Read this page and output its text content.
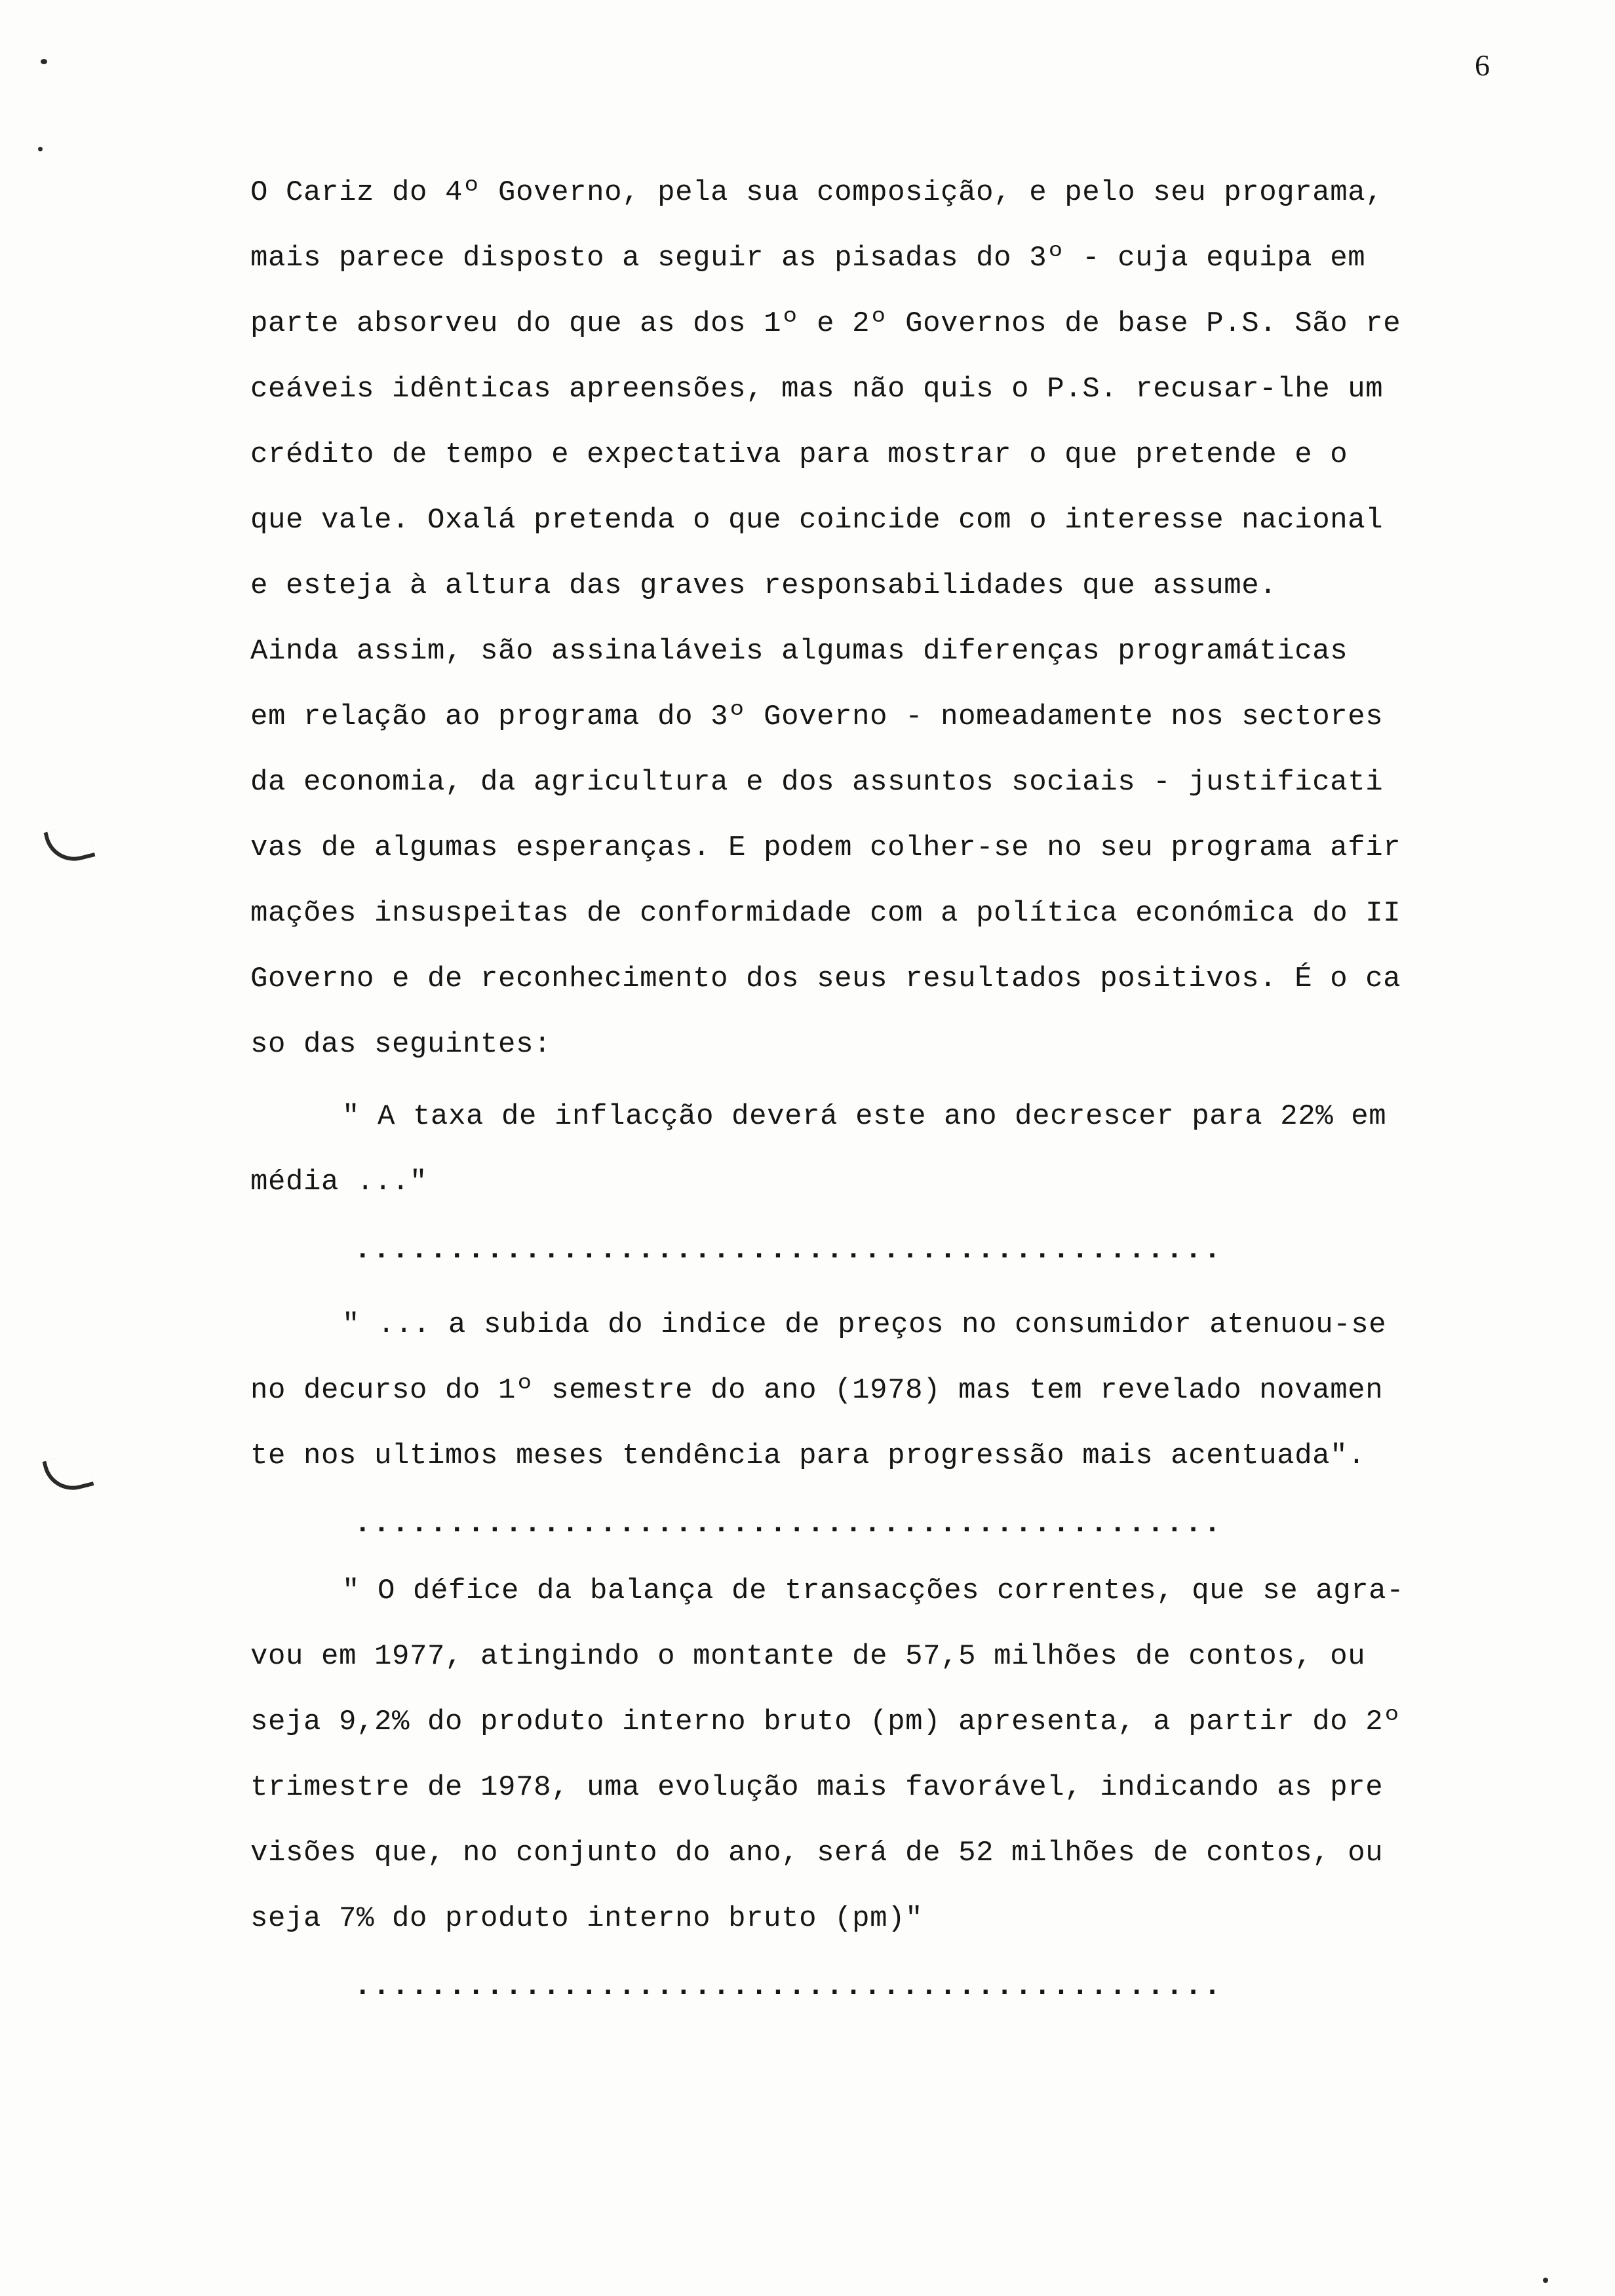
6
O Cariz do 4º Governo, pela sua composição, e pelo seu programa,
mais parece disposto a seguir as pisadas do 3º - cuja equipa em
parte absorveu do que as dos 1º e 2º Governos de base P.S. São re
ceáveis idênticas apreensões, mas não quis o P.S. recusar-lhe um
crédito de tempo e expectativa para mostrar o que pretende e o
que vale. Oxalá pretenda o que coincide com o interesse nacional
e esteja à altura das graves responsabilidades que assume.
Ainda assim, são assinaláveis algumas diferenças programáticas
em relação ao programa do 3º Governo - nomeadamente nos sectores
da economia, da agricultura e dos assuntos sociais - justificati
vas de algumas esperanças. E podem colher-se no seu programa afir
mações insuspeitas de conformidade com a política económica do II
Governo e de reconhecimento dos seus resultados positivos. É o ca
so das seguintes:
" A taxa de inflacção deverá este ano decrescer para 22% em
média ..."
..............................................
" ... a subida do indice de preços no consumidor atenuou-se
no decurso do 1º semestre do ano (1978) mas tem revelado novamen
te nos ultimos meses tendência para progressão mais acentuada".
..............................................
" O défice da balança de transacções correntes, que se agra-
vou em 1977, atingindo o montante de 57,5 milhões de contos, ou
seja 9,2% do produto interno bruto (pm) apresenta, a partir do 2º
trimestre de 1978, uma evolução mais favorável, indicando as pre
visões que, no conjunto do ano, será de 52 milhões de contos, ou
seja 7% do produto interno bruto (pm)"
..............................................
